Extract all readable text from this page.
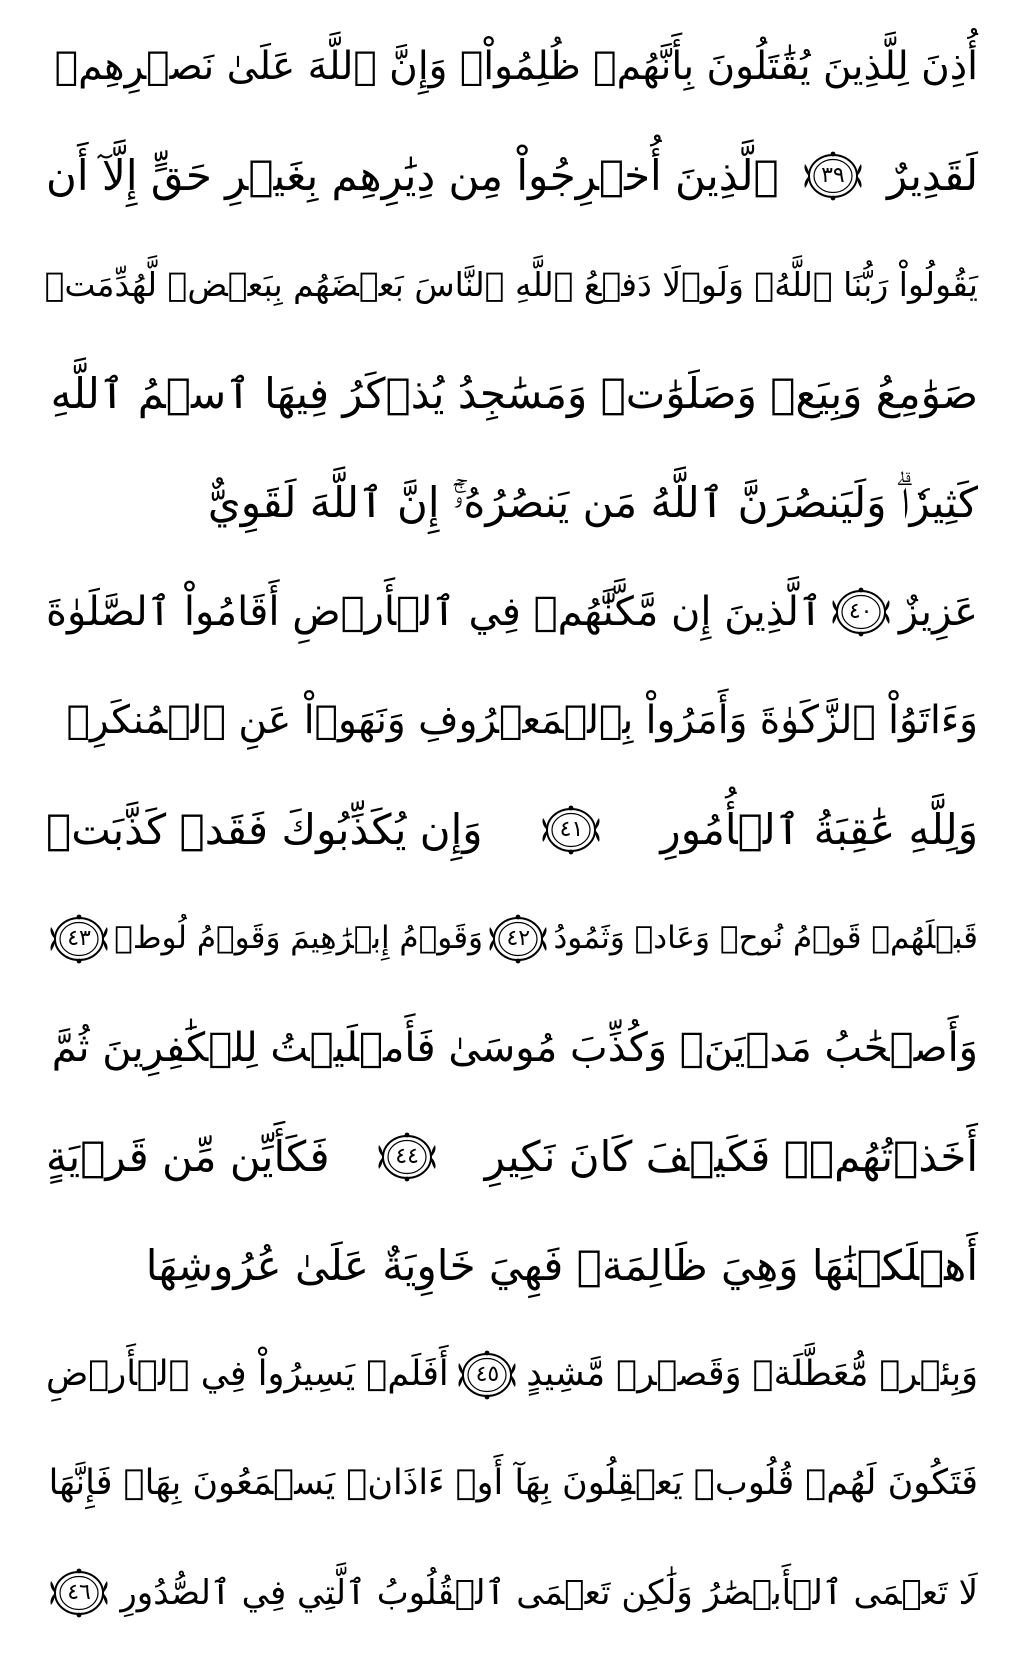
أُذِنَ لِلَّذِينَ يُقَٰتَلُونَ بِأَنَّهُمۡ ظُلِمُواْۚ وَإِنَّ ٱللَّهَ عَلَىٰ نَصۡرِهِمۡ
لَقَدِيرٌ
٣٩
ٱلَّذِينَ أُخۡرِجُواْ مِن دِيَٰرِهِم بِغَيۡرِ حَقٍّ إِلَّآ أَن
يَقُولُواْ رَبُّنَا ٱللَّهُۗ وَلَوۡلَا دَفۡعُ ٱللَّهِ ٱلنَّاسَ بَعۡضَهُم بِبَعۡضٖ لَّهُدِّمَتۡ
صَوَٰمِعُ وَبِيَعٞ وَصَلَوَٰتٞ وَمَسَٰجِدُ يُذۡكَرُ فِيهَا ٱسۡمُ ٱللَّهِ
كَثِيرٗاۗ وَلَيَنصُرَنَّ ٱللَّهُ مَن يَنصُرُهُۥٓۚ إِنَّ ٱللَّهَ لَقَوِيٌّ
عَزِيزٌ
٤٠
ٱلَّذِينَ إِن مَّكَّنَّٰهُمۡ فِي ٱلۡأَرۡضِ أَقَامُواْ ٱلصَّلَوٰةَ
وَءَاتَوُاْ ٱلزَّكَوٰةَ وَأَمَرُواْ بِٱلۡمَعۡرُوفِ وَنَهَوۡاْ عَنِ ٱلۡمُنكَرِۗ
وَلِلَّهِ عَٰقِبَةُ ٱلۡأُمُورِ
٤١
وَإِن يُكَذِّبُوكَ فَقَدۡ كَذَّبَتۡ
قَبۡلَهُمۡ قَوۡمُ نُوحٖ وَعَادٞ وَثَمُودُ
٤٢
وَقَوۡمُ إِبۡرَٰهِيمَ وَقَوۡمُ لُوطٖ
٤٣
وَأَصۡحَٰبُ مَدۡيَنَۖ وَكُذِّبَ مُوسَىٰ فَأَمۡلَيۡتُ لِلۡكَٰفِرِينَ ثُمَّ
أَخَذۡتُهُمۡۖ فَكَيۡفَ كَانَ نَكِيرِ
٤٤
فَكَأَيِّن مِّن قَرۡيَةٍ
أَهۡلَكۡنَٰهَا وَهِيَ ظَالِمَةٞ فَهِيَ خَاوِيَةٌ عَلَىٰ عُرُوشِهَا
وَبِئۡرٖ مُّعَطَّلَةٖ وَقَصۡرٖ مَّشِيدٍ
٤٥
أَفَلَمۡ يَسِيرُواْ فِي ٱلۡأَرۡضِ
فَتَكُونَ لَهُمۡ قُلُوبٞ يَعۡقِلُونَ بِهَآ أَوۡ ءَاذَانٞ يَسۡمَعُونَ بِهَاۖ فَإِنَّهَا
لَا تَعۡمَى ٱلۡأَبۡصَٰرُ وَلَٰكِن تَعۡمَى ٱلۡقُلُوبُ ٱلَّتِي فِي ٱلصُّدُورِ
٤٦
